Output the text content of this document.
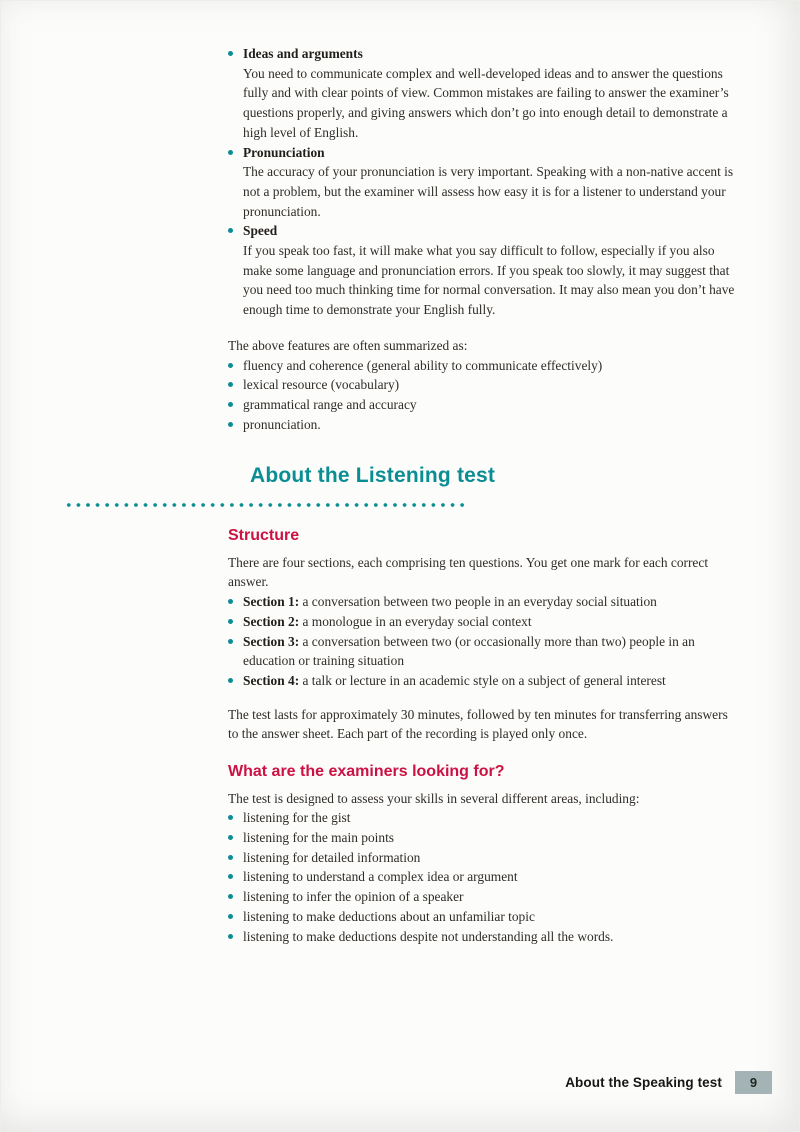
Ideas and arguments
You need to communicate complex and well-developed ideas and to answer the questions fully and with clear points of view. Common mistakes are failing to answer the examiner’s questions properly, and giving answers which don’t go into enough detail to demonstrate a high level of English.
Pronunciation
The accuracy of your pronunciation is very important. Speaking with a non-native accent is not a problem, but the examiner will assess how easy it is for a listener to understand your pronunciation.
Speed
If you speak too fast, it will make what you say difficult to follow, especially if you also make some language and pronunciation errors. If you speak too slowly, it may suggest that you need too much thinking time for normal conversation. It may also mean you don’t have enough time to demonstrate your English fully.

The above features are often summarized as:

fluency and coherence (general ability to communicate effectively)
lexical resource (vocabulary)
grammatical range and accuracy
pronunciation.
About the Listening test
Structure

There are four sections, each comprising ten questions. You get one mark for each correct answer.

Section 1: a conversation between two people in an everyday social situation
Section 2: a monologue in an everyday social context
Section 3: a conversation between two (or occasionally more than two) people in an education or training situation
Section 4: a talk or lecture in an academic style on a subject of general interest

The test lasts for approximately 30 minutes, followed by ten minutes for transferring answers to the answer sheet. Each part of the recording is played only once.

What are the examiners looking for?

The test is designed to assess your skills in several different areas, including:

listening for the gist
listening for the main points
listening for detailed information
listening to understand a complex idea or argument
listening to infer the opinion of a speaker
listening to make deductions about an unfamiliar topic
listening to make deductions despite not understanding all the words.
About the Speaking test	9
